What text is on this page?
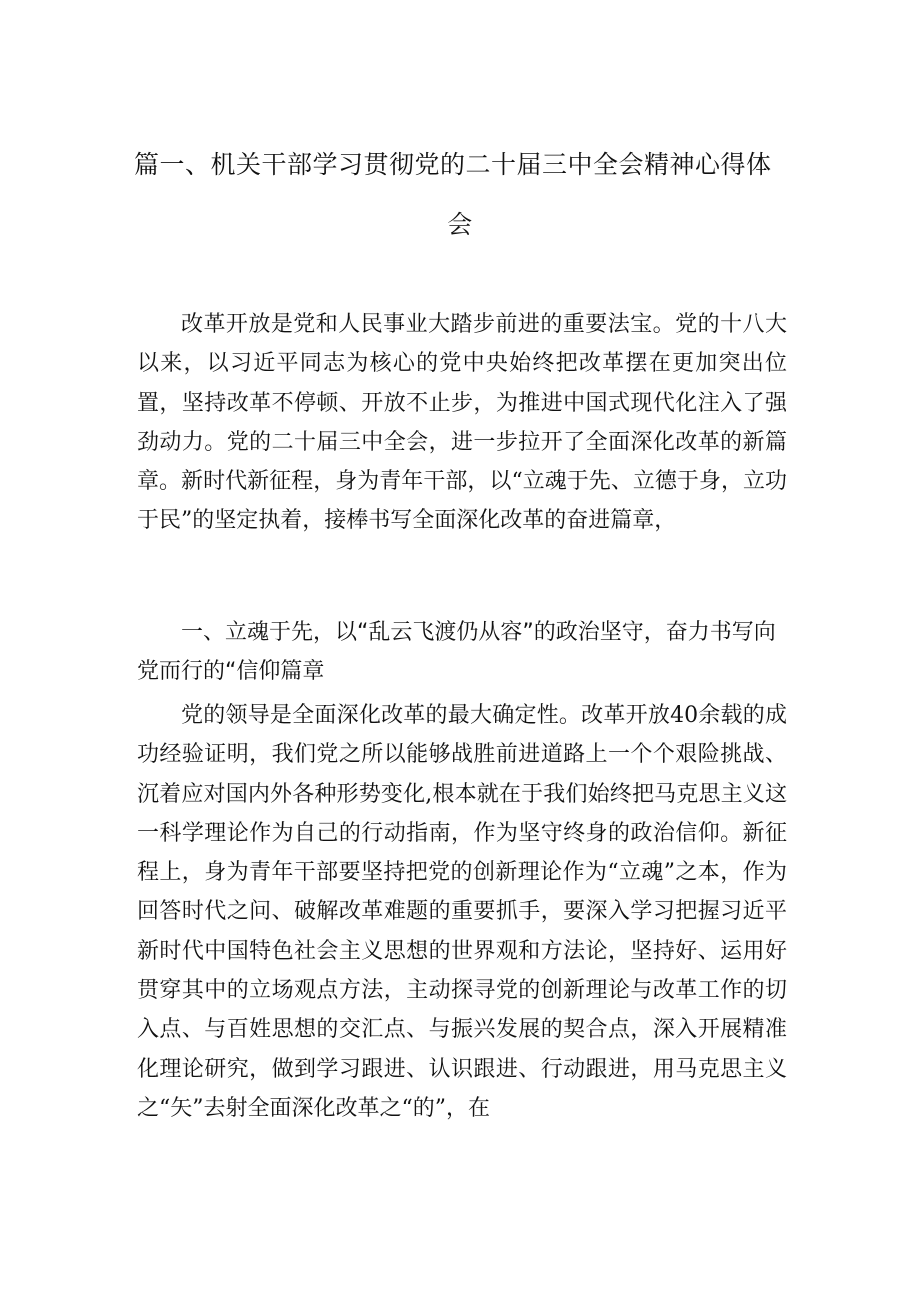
篇一、机关干部学习贯彻党的二十届三中全会精神心得体
会

改革开放是党和人民事业大踏步前进的重要法宝。党的十八大以来，以习近平同志为核心的党中央始终把改革摆在更加突出位置，坚持改革不停顿、开放不止步，为推进中国式现代化注入了强劲动力。党的二十届三中全会，进一步拉开了全面深化改革的新篇章。新时代新征程，身为青年干部，以“立魂于先、立德于身，立功于民”的坚定执着，接棒书写全面深化改革的奋进篇章，

一、立魂于先，以“乱云飞渡仍从容”的政治坚守，奋力书写向党而行的“信仰篇章

党的领导是全面深化改革的最大确定性。改革开放40余载的成功经验证明，我们党之所以能够战胜前进道路上一个个艰险挑战、沉着应对国内外各种形势变化,根本就在于我们始终把马克思主义这一科学理论作为自己的行动指南，作为坚守终身的政治信仰。新征程上，身为青年干部要坚持把党的创新理论作为“立魂”之本，作为回答时代之问、破解改革难题的重要抓手，要深入学习把握习近平新时代中国特色社会主义思想的世界观和方法论，坚持好、运用好贯穿其中的立场观点方法，主动探寻党的创新理论与改革工作的切入点、与百姓思想的交汇点、与振兴发展的契合点，深入开展精准化理论研究，做到学习跟进、认识跟进、行动跟进，用马克思主义之“矢”去射全面深化改革之“的”，在
